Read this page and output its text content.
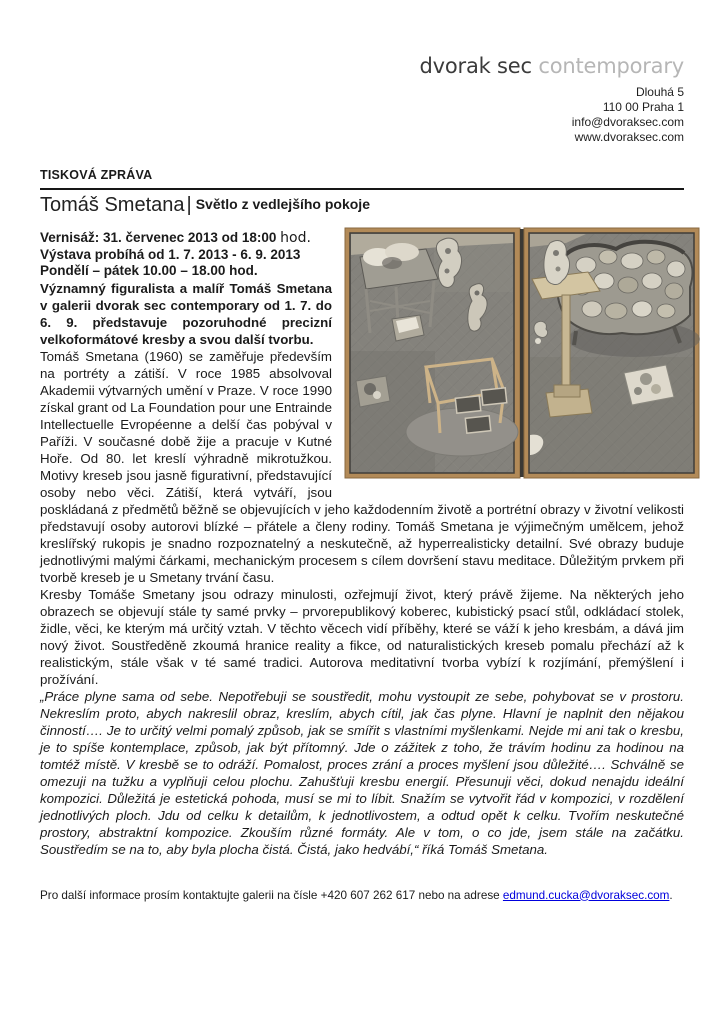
dvorak sec contemporary
Dlouhá 5
110 00 Praha 1
info@dvoraksec.com
www.dvoraksec.com
TISKOVÁ ZPRÁVA
Tomáš Smetana | Světlo z vedlejšího pokoje
Vernisáž: 31. červenec 2013 od 18:00 hod.
Výstava probíhá od 1. 7. 2013 - 6. 9. 2013
Pondělí – pátek 10.00 – 18.00 hod.

Významný figuralista a malíř Tomáš Smetana v galerii dvorak sec contemporary od 1. 7. do 6. 9. představuje pozoruhodné precizní velkoformátové kresby a svou další tvorbu.

Tomáš Smetana (1960) se zaměřuje především na portréty a zátiší. V roce 1985 absolvoval Akademii výtvarných umění v Praze. V roce 1990 získal grant od La Foundation pour une Entrainde Intellectuelle Evropéenne a delší čas pobýval v Paříži. V současné době žije a pracuje v Kutné Hoře. Od 80. let kreslí výhradně mikrotužkou. Motivy kreseb jsou jasně figurativní, představující osoby nebo věci. Zátiší, která vytváří, jsou poskládaná z předmětů běžně se objevujících v jeho každodenním životě a portrétní obrazy v životní velikosti představují osoby autorovi blízké – přátele a členy rodiny. Tomáš Smetana je výjimečným umělcem, jehož kreslířský rukopis je snadno rozpoznatelný a neskutečně, až hyperrealisticky detailní. Své obrazy buduje jednotlivými malými čárkami, mechanickým procesem s cílem dovršení stavu meditace. Důležitým prvkem při tvorbě kreseb je u Smetany trvání času.

Kresby Tomáše Smetany jsou odrazy minulosti, ozřejmují život, který právě žijeme. Na některých jeho obrazech se objevují stále ty samé prvky – prvorepublikový koberec, kubistický psací stůl, odkládací stolek, židle, věci, ke kterým má určitý vztah. V těchto věcech vidí příběhy, které se váží k jeho kresbám, a dává jim nový život. Soustředěně zkoumá hranice reality a fikce, od naturalistických kreseb pomalu přechází až k realistickým, stále však v té samé tradici. Autorova meditativní tvorba vybízí k rozjímání, přemýšlení i prožívání.

„Práce plyne sama od sebe. Nepotřebuji se soustředit, mohu vystoupit ze sebe, pohybovat se v prostoru. Nekreslím proto, abych nakreslil obraz, kreslím, abych cítil, jak čas plyne. Hlavní je naplnit den nějakou činností…. Je to určitý velmi pomalý způsob, jak se smířit s vlastními myšlenkami. Nejde mi ani tak o kresbu, je to spíše kontemplace, způsob, jak být přítomný. Jde o zážitek z toho, že trávím hodinu za hodinou na tomtéž místě. V kresbě se to odráží. Pomalost, proces zrání a proces myšlení jsou důležité…. Schválně se omezuji na tužku a vyplňuji celou plochu. Zahušťuji kresbu energií. Přesunuji věci, dokud nenajdu ideální kompozici. Důležitá je estetická pohoda, musí se mi to líbit. Snažím se vytvořit řád v kompozici, v rozdělení jednotlivých ploch. Jdu od celku k detailům, k jednotlivostem, a odtud opět k celku. Tvořím neskutečné prostory, abstraktní kompozice. Zkouším různé formáty. Ale v tom, o co jde, jsem stále na začátku. Soustředím se na to, aby byla plocha čistá. Čistá, jako hedvábí,“ říká Tomáš Smetana.

Pro další informace prosím kontaktujte galerii na čísle +420 607 262 617 nebo na adrese edmund.cucka@dvoraksec.com.
